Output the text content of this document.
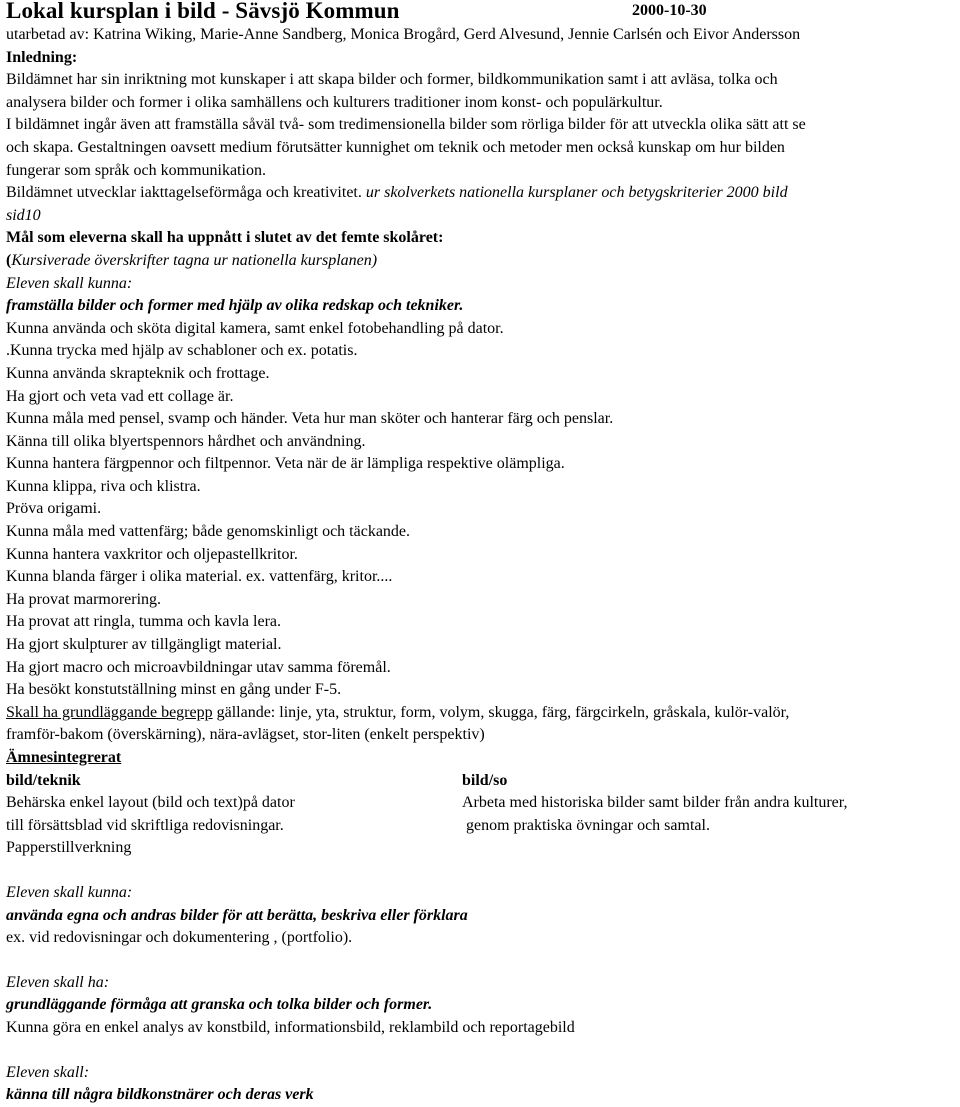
Lokal kursplan i bild - Sävsjö Kommun	2000-10-30
utarbetad av: Katrina Wiking, Marie-Anne Sandberg, Monica Brogård, Gerd Alvesund, Jennie Carlsén och Eivor Andersson
Inledning:
Bildämnet har sin inriktning mot kunskaper i att skapa bilder och former, bildkommunikation samt i att avläsa, tolka och
analysera bilder och former i olika samhällens och kulturers traditioner inom konst- och populärkultur.
I bildämnet ingår även att framställa såväl två- som tredimensionella bilder som rörliga bilder för att utveckla olika sätt att se
och skapa. Gestaltningen oavsett medium förutsätter kunnighet om teknik och metoder men också kunskap om hur bilden
fungerar som språk och kommunikation.
Bildämnet utvecklar iakttagelseförmåga och kreativitet. ur skolverkets nationella kursplaner och betygskriterier 2000 bild
sid10
Mål som eleverna skall ha uppnått i slutet av det femte skolåret:
(Kursiverade överskrifter tagna ur nationella kursplanen)
Eleven skall kunna:
framställa bilder och former med hjälp av olika redskap och tekniker.
Kunna använda och sköta digital kamera, samt enkel fotobehandling på dator.
.Kunna trycka med hjälp av schabloner och ex. potatis.
Kunna använda skrapteknik och frottage.
Ha gjort och veta vad ett collage är.
Kunna måla med pensel, svamp och händer. Veta hur man sköter och hanterar färg och penslar.
Känna till olika blyertspennors hårdhet och användning.
Kunna hantera färgpennor och filtpennor. Veta när de är lämpliga respektive olämpliga.
Kunna klippa, riva och klistra.
Pröva origami.
Kunna måla med vattenfärg; både genomskinligt och täckande.
Kunna hantera vaxkritor och oljepastellkritor.
Kunna blanda färger i olika material. ex. vattenfärg, kritor....
Ha provat marmorering.
Ha provat att ringla, tumma och kavla lera.
Ha gjort skulpturer av tillgängligt material.
Ha gjort macro och microavbildningar utav samma föremål.
Ha besökt konstutställning minst en gång under F-5.
Skall ha grundläggande begrepp gällande: linje, yta, struktur, form, volym, skugga, färg, färgcirkeln, gråskala, kulör-valör,
framför-bakom (överskärning), nära-avlägset, stor-liten (enkelt perspektiv)
Ämnesintegrerat
bild/teknik	bild/so
Behärska enkel layout (bild och text)på dator	Arbeta med historiska bilder samt bilder från andra kulturer,
till försättsblad vid skriftliga redovisningar.	genom praktiska övningar och samtal.
Papperstillverkning
Eleven skall kunna:
använda egna och andras bilder för att berätta, beskriva eller förklara
ex. vid redovisningar och dokumentering , (portfolio).
Eleven skall ha:
grundläggande förmåga att granska och tolka bilder och former.
Kunna göra en enkel analys av konstbild, informationsbild, reklambild och reportagebild
Eleven skall:
känna till några bildkonstnärer och deras verk
